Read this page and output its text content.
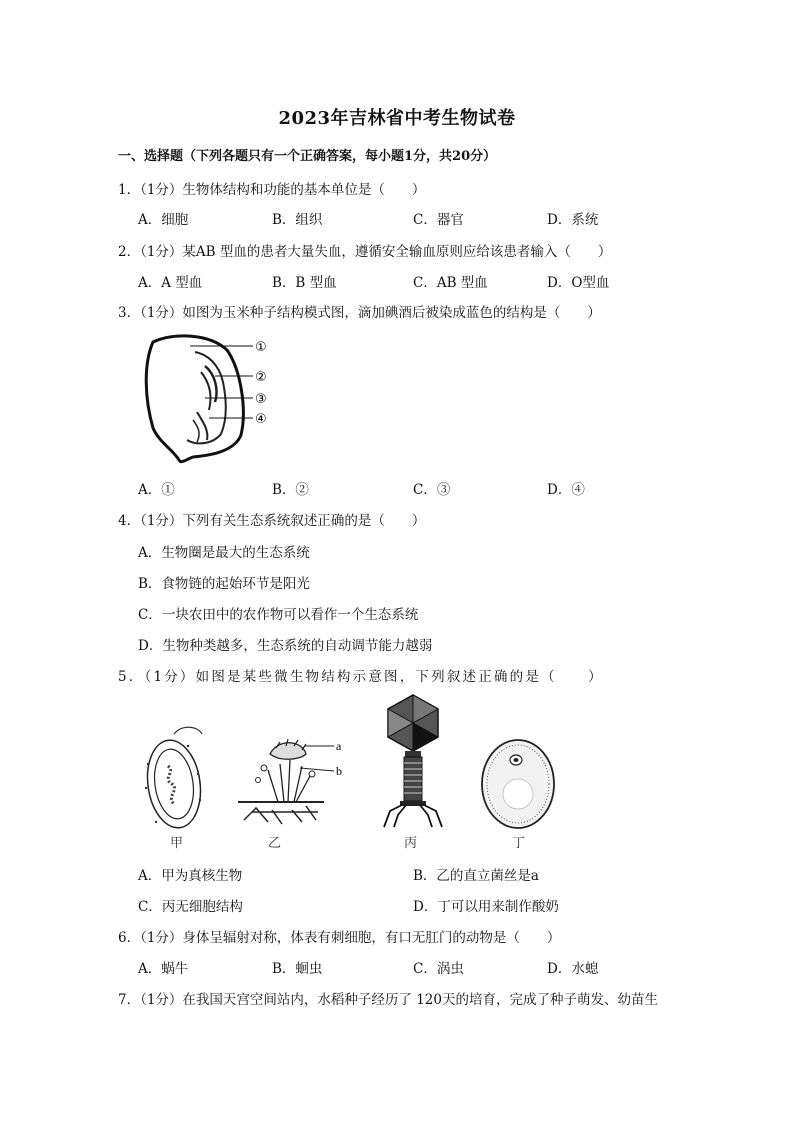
2023年吉林省中考生物试卷
一、选择题（下列各题只有一个正确答案，每小题1分，共20分）
1．（1分）生物体结构和功能的基本单位是（　　）
A．细胞	B．组织	C．器官	D．系统
2．（1分）某AB 型血的患者大量失血，遵循安全输血原则应给该患者输入（　　）
A．A 型血	B．B 型血	C．AB 型血	D．O型血
3．（1分）如图为玉米种子结构模式图，滴加碘酒后被染成蓝色的结构是（　　）
①
②
③
④
A．①	B．②	C．③	D．④
4．（1分）下列有关生态系统叙述正确的是（　　）
A．生物圈是最大的生态系统
B．食物链的起始环节是阳光
C．一块农田中的农作物可以看作一个生态系统
D．生物种类越多，生态系统的自动调节能力越弱
5．（1分）如图是某些微生物结构示意图，下列叙述正确的是（　　）
a
b
甲	乙	丙	丁
A．甲为真核生物	B．乙的直立菌丝是a
C．丙无细胞结构	D．丁可以用来制作酸奶
6．（1分）身体呈辐射对称，体表有刺细胞，有口无肛门的动物是（　　）
A．蜗牛	B．蛔虫	C．涡虫	D．水螅
7．（1分）在我国天宫空间站内，水稻种子经历了 120天的培育，完成了种子萌发、幼苗生
